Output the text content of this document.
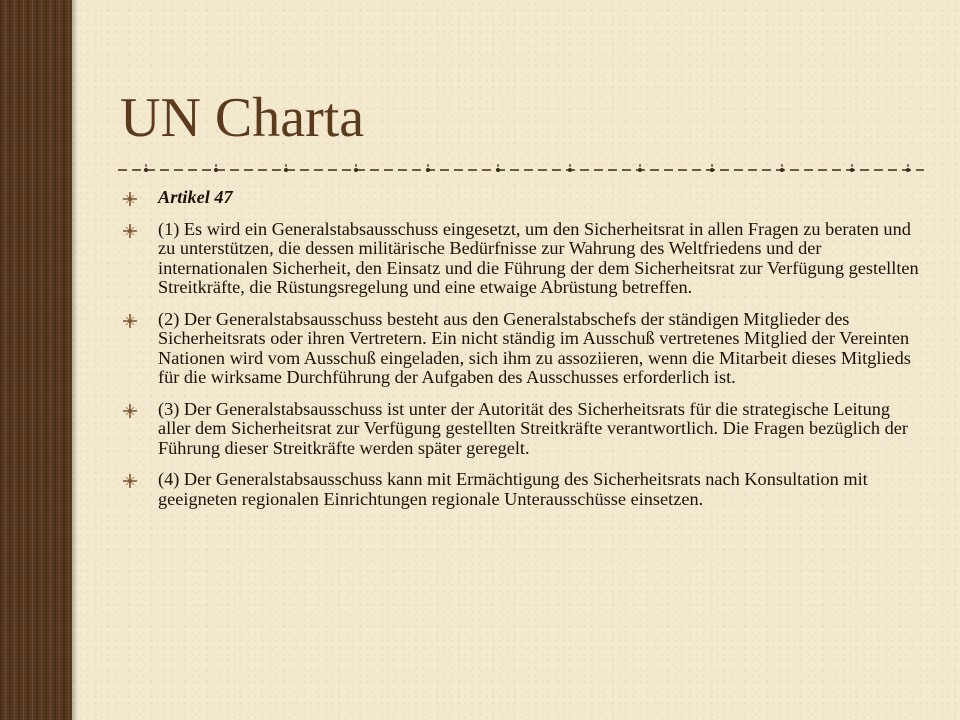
UN Charta
Artikel 47
(1) Es wird ein Generalstabsausschuss eingesetzt, um den Sicherheitsrat in allen Fragen zu beraten und zu unterstützen, die dessen militärische Bedürfnisse zur Wahrung des Weltfriedens und der internationalen Sicherheit, den Einsatz und die Führung der dem Sicherheitsrat zur Verfügung gestellten Streitkräfte, die Rüstungsregelung und eine etwaige Abrüstung betreffen.
(2) Der Generalstabsausschuss besteht aus den Generalstabschefs der ständigen Mitglieder des Sicherheitsrats oder ihren Vertretern. Ein nicht ständig im Ausschuß vertretenes Mitglied der Vereinten Nationen wird vom Ausschuß eingeladen, sich ihm zu assoziieren, wenn die Mitarbeit dieses Mitglieds für die wirksame Durchführung der Aufgaben des Ausschusses erforderlich ist.
(3) Der Generalstabsausschuss ist unter der Autorität des Sicherheitsrats für die strategische Leitung aller dem Sicherheitsrat zur Verfügung gestellten Streitkräfte verantwortlich. Die Fragen bezüglich der Führung dieser Streitkräfte werden später geregelt.
(4) Der Generalstabsausschuss kann mit Ermächtigung des Sicherheitsrats nach Konsultation mit geeigneten regionalen Einrichtungen regionale Unterausschüsse einsetzen.
